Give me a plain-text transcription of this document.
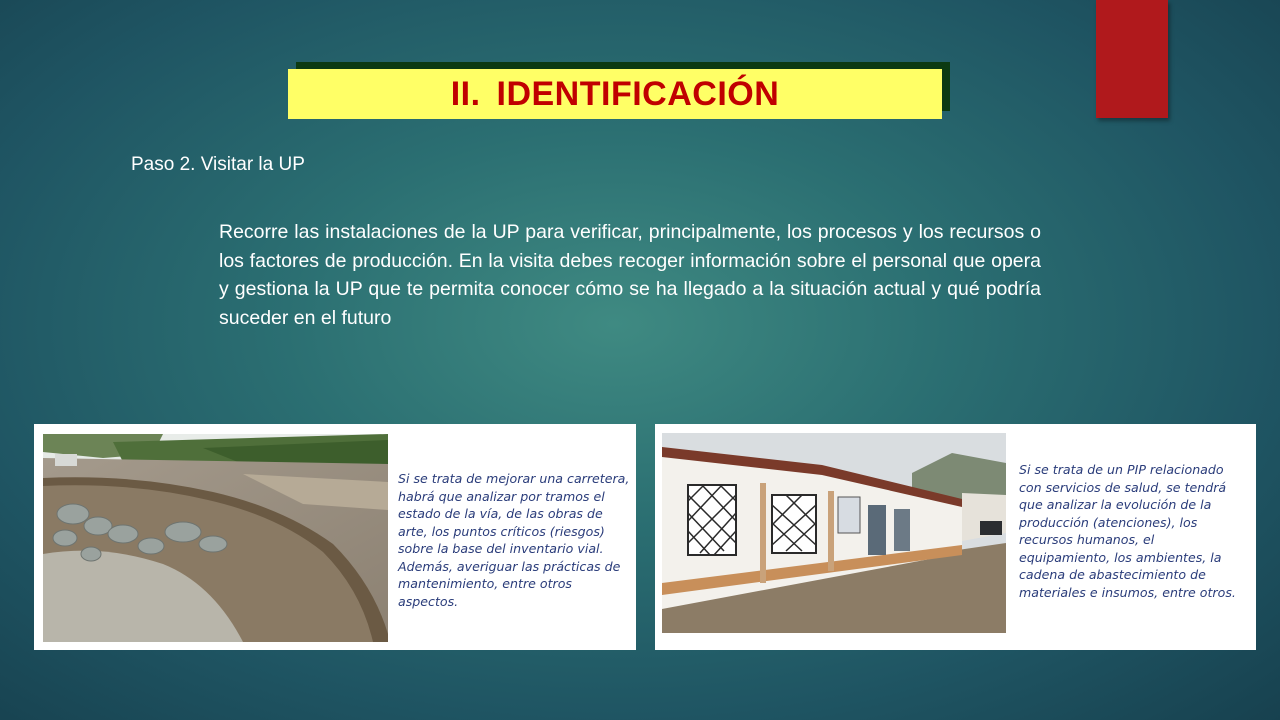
II. IDENTIFICACIÓN
Paso 2. Visitar la UP
Recorre las instalaciones de la UP para verificar, principalmente, los procesos y los recursos o los factores de producción. En la visita debes recoger información sobre el personal que opera y gestiona la UP que te permita conocer cómo se ha llegado a la situación actual y qué podría suceder en el futuro
Si se trata de mejorar una carretera, habrá que analizar por tramos el estado de la vía, de las obras de arte, los puntos críticos (riesgos) sobre la base del inventario vial. Además, averiguar las prácticas de mantenimiento, entre otros aspectos.
Si se trata de un PIP relacionado con servicios de salud, se tendrá que analizar la evolución de la producción (atenciones), los recursos humanos, el equipamiento, los ambientes, la cadena de abastecimiento de materiales e insumos, entre otros.
